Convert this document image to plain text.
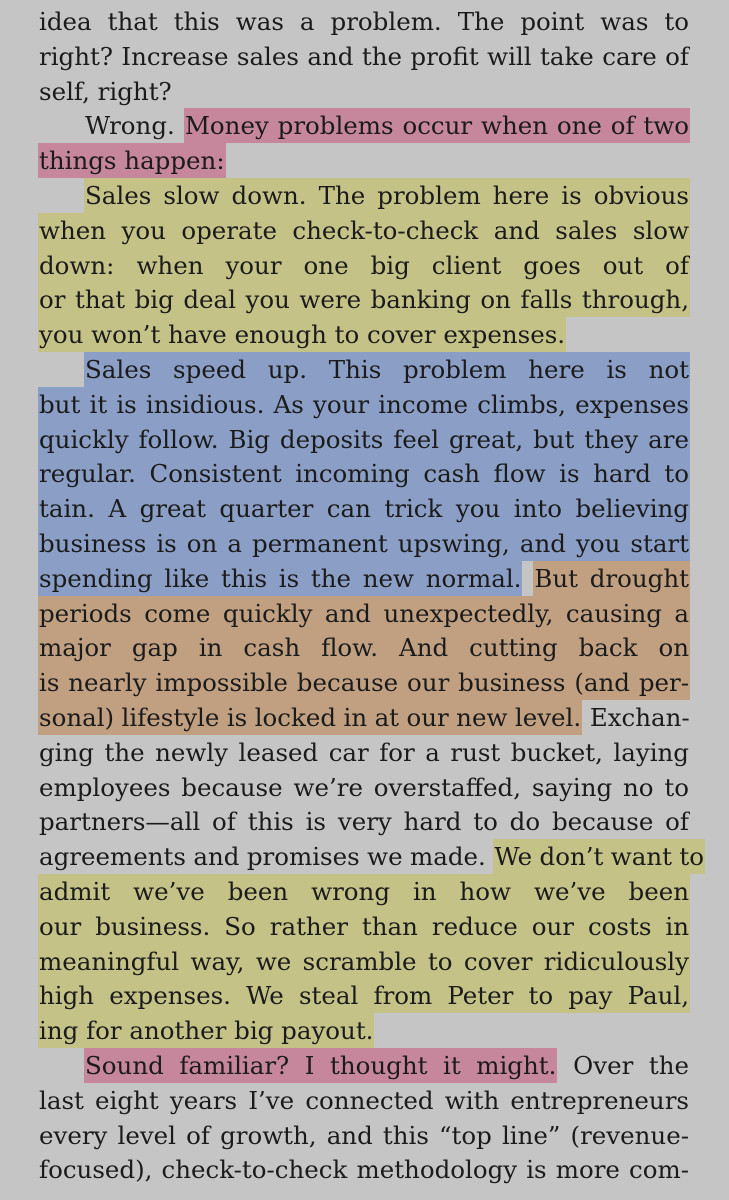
idea that this was a problem. The point was to
right? Increase sales and the profit will take care of
self, right?
Wrong. Money problems occur when one of two
things happen:
Sales slow down. The problem here is obvious
when you operate check-to-check and sales slow
down: when your one big client goes out of
or that big deal you were banking on falls through,
you won’t have enough to cover expenses.
Sales speed up. This problem here is not
but it is insidious. As your income climbs, expenses
quickly follow. Big deposits feel great, but they are
regular. Consistent incoming cash flow is hard to
tain. A great quarter can trick you into believing
business is on a permanent upswing, and you start
spending like this is the new normal. But drought
periods come quickly and unexpectedly, causing a
major gap in cash flow. And cutting back on
is nearly impossible because our business (and per-
sonal) lifestyle is locked in at our new level. Exchan-
ging the newly leased car for a rust bucket, laying
employees because we’re overstaffed, saying no to
partners—all of this is very hard to do because of
agreements and promises we made. We don’t want to
admit we’ve been wrong in how we’ve been
our business. So rather than reduce our costs in
meaningful way, we scramble to cover ridiculously
high expenses. We steal from Peter to pay Paul,
ing for another big payout.
Sound familiar? I thought it might. Over the
last eight years I’ve connected with entrepreneurs
every level of growth, and this “top line” (revenue-
focused), check-to-check methodology is more com-
